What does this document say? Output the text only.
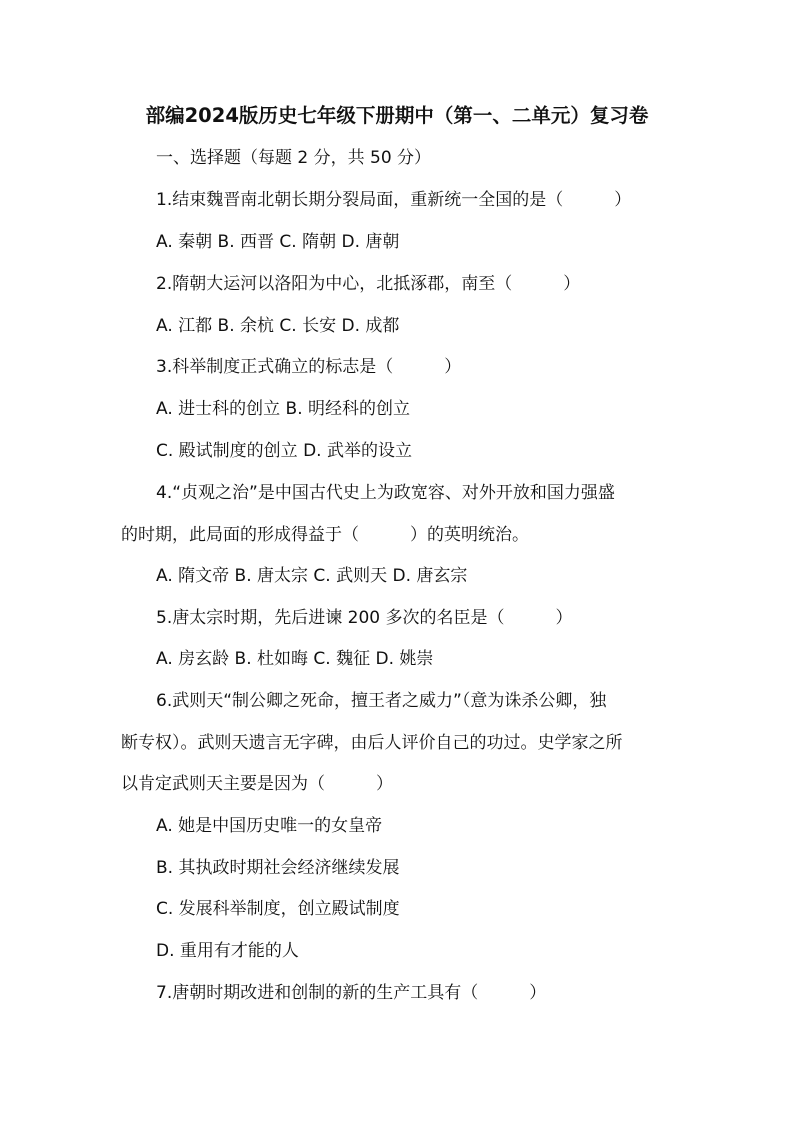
部编2024版历史七年级下册期中（第一、二单元）复习卷
一、选择题（每题 2 分，共 50 分）
1.结束魏晋南北朝长期分裂局面，重新统一全国的是（　　　）
A. 秦朝 B. 西晋 C. 隋朝 D. 唐朝
2.隋朝大运河以洛阳为中心，北抵涿郡，南至（　　　）
A. 江都 B. 余杭 C. 长安 D. 成都
3.科举制度正式确立的标志是（　　　）
A. 进士科的创立 B. 明经科的创立
C. 殿试制度的创立 D. 武举的设立
4.“贞观之治”是中国古代史上为政宽容、对外开放和国力强盛
的时期，此局面的形成得益于（　　　）的英明统治。
A. 隋文帝 B. 唐太宗 C. 武则天 D. 唐玄宗
5.唐太宗时期，先后进谏 200 多次的名臣是（　　　）
A. 房玄龄 B. 杜如晦 C. 魏征 D. 姚崇
6.武则天“制公卿之死命，擅王者之威力”（意为诛杀公卿，独
断专权）。武则天遗言无字碑，由后人评价自己的功过。史学家之所
以肯定武则天主要是因为（　　　）
A. 她是中国历史唯一的女皇帝
B. 其执政时期社会经济继续发展
C. 发展科举制度，创立殿试制度
D. 重用有才能的人
7.唐朝时期改进和创制的新的生产工具有（　　　）
